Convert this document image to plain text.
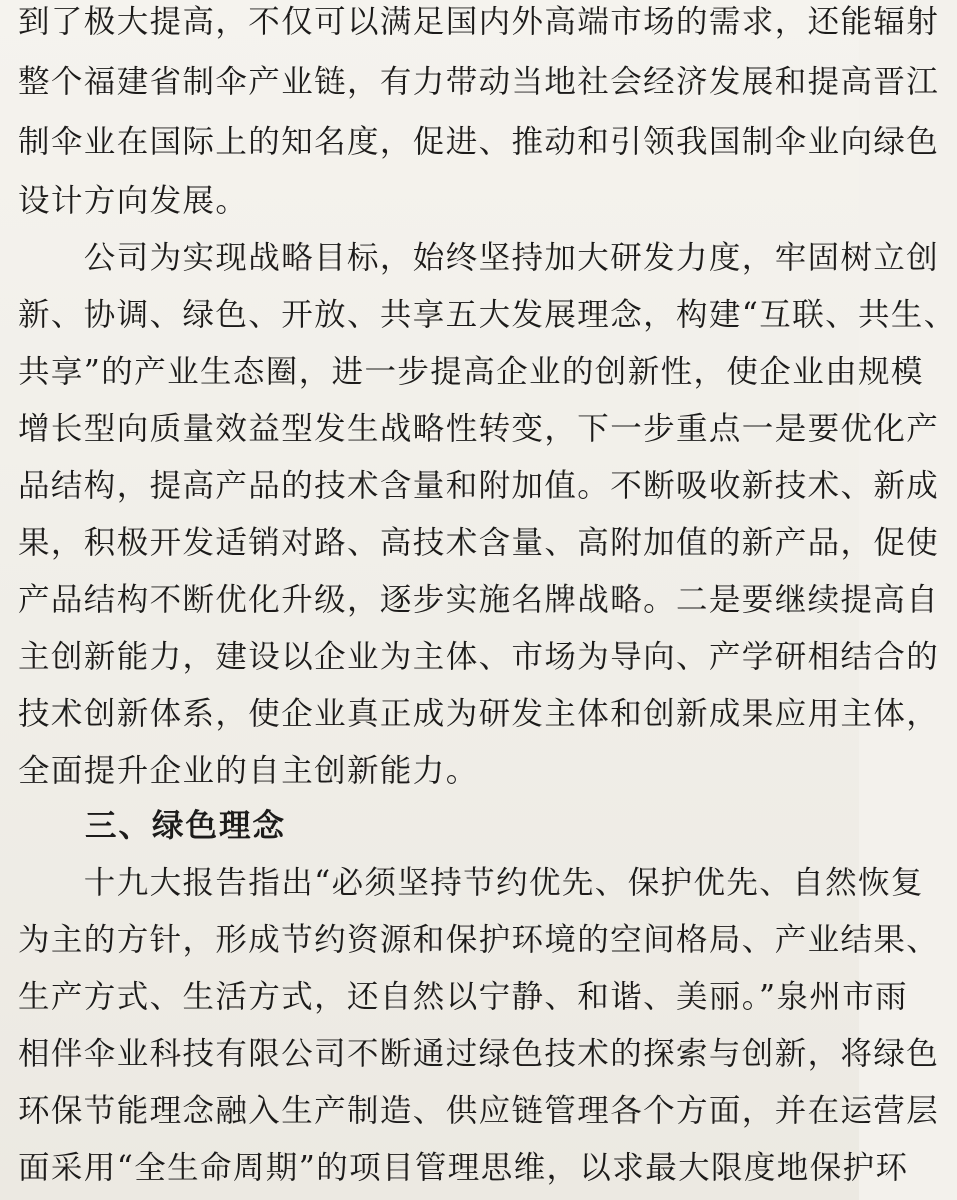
到了极大提高，不仅可以满足国内外高端市场的需求，还能辐射
整个福建省制伞产业链，有力带动当地社会经济发展和提高晋江
制伞业在国际上的知名度，促进、推动和引领我国制伞业向绿色
设计方向发展。
　　公司为实现战略目标，始终坚持加大研发力度，牢固树立创
新、协调、绿色、开放、共享五大发展理念，构建“互联、共生、
共享”的产业生态圈，进一步提高企业的创新性，使企业由规模
增长型向质量效益型发生战略性转变，下一步重点一是要优化产
品结构，提高产品的技术含量和附加值。不断吸收新技术、新成
果，积极开发适销对路、高技术含量、高附加值的新产品，促使
产品结构不断优化升级，逐步实施名牌战略。二是要继续提高自
主创新能力，建设以企业为主体、市场为导向、产学研相结合的
技术创新体系，使企业真正成为研发主体和创新成果应用主体，
全面提升企业的自主创新能力。
　　三、绿色理念
　　十九大报告指出“必须坚持节约优先、保护优先、自然恢复
为主的方针，形成节约资源和保护环境的空间格局、产业结果、
生产方式、生活方式，还自然以宁静、和谐、美丽。”泉州市雨
相伴伞业科技有限公司不断通过绿色技术的探索与创新，将绿色
环保节能理念融入生产制造、供应链管理各个方面，并在运营层
面采用“全生命周期”的项目管理思维，以求最大限度地保护环
